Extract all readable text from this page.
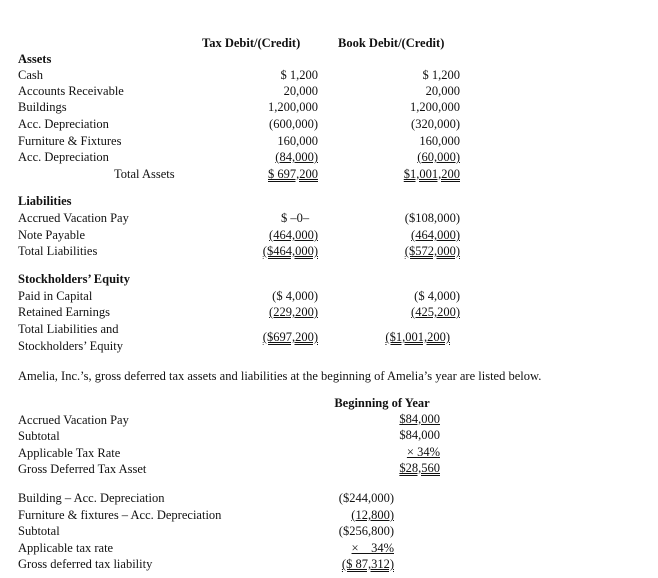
Tax Debit/(Credit)	Book Debit/(Credit)
Assets
Cash	$ 1,200	$ 1,200
Accounts Receivable	20,000	20,000
Buildings	1,200,000	1,200,000
Acc. Depreciation	(600,000)	(320,000)
Furniture & Fixtures	160,000	160,000
Acc. Depreciation	(84,000)	(60,000)
Total Assets	$ 697,200	$1,001,200
Liabilities
Accrued Vacation Pay	$ –0–	($108,000)
Note Payable	(464,000)	(464,000)
Total Liabilities	($464,000)	($572,000)
Stockholders’ Equity
Paid in Capital	($ 4,000)	($ 4,000)
Retained Earnings	(229,200)	(425,200)
Total Liabilities and
Stockholders’ Equity
($697,200)	($1,001,200)
Amelia, Inc.’s, gross deferred tax assets and liabilities at the beginning of Amelia’s year are listed below.
Beginning of Year
Accrued Vacation Pay	$84,000
Subtotal	$84,000
Applicable Tax Rate	× 34%
Gross Deferred Tax Asset	$28,560
Building – Acc. Depreciation	($244,000)
Furniture & fixtures – Acc. Depreciation	(12,800)
Subtotal	($256,800)
Applicable tax rate	×    34%
Gross deferred tax liability	($ 87,312)
